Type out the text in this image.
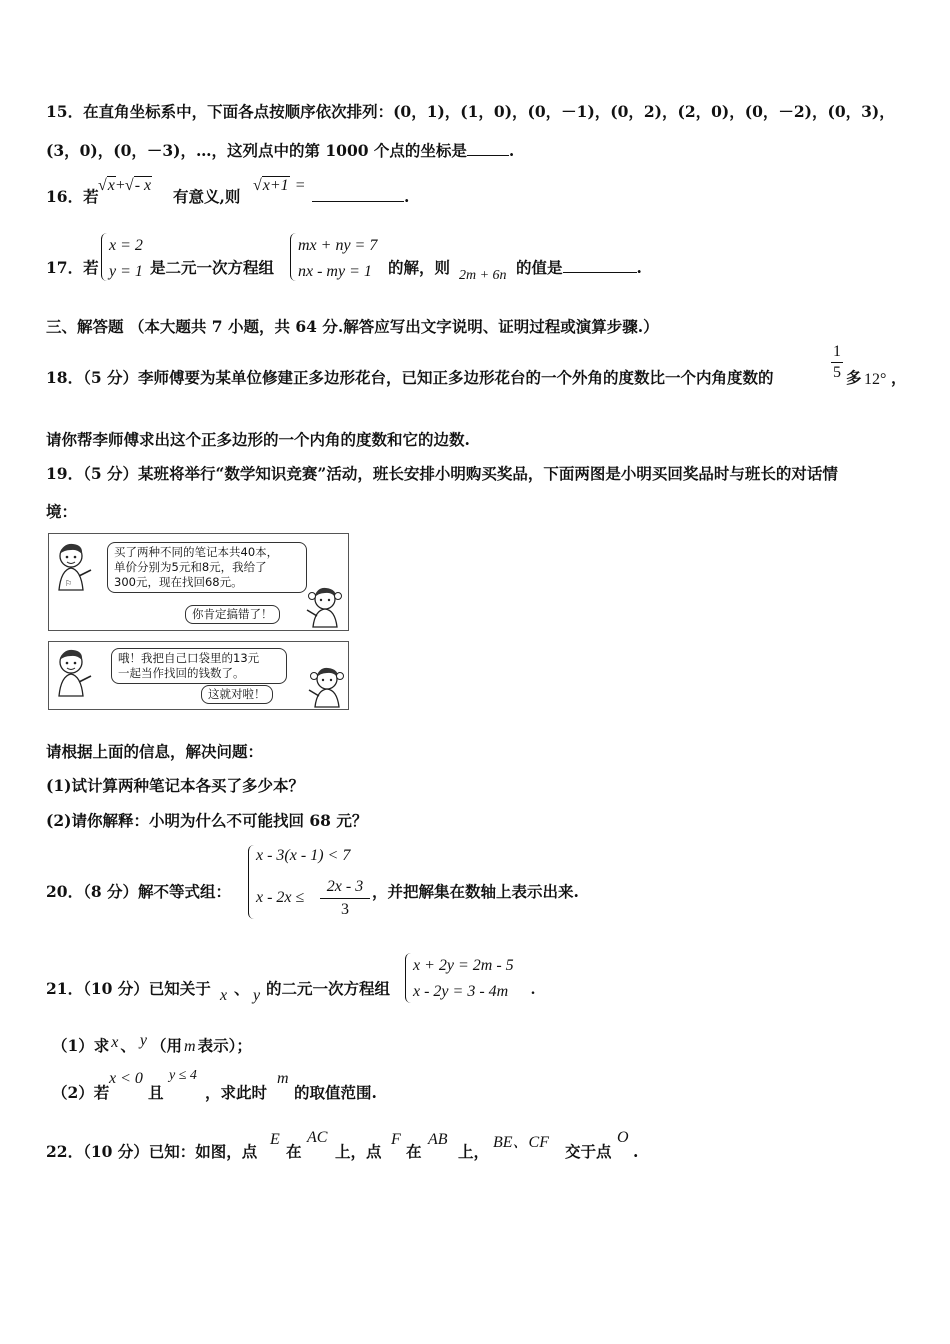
15．在直角坐标系中，下面各点按顺序依次排列：(0，1)，(1，0)，(0，－1)，(0，2)，(2，0)，(0，－2)，(0，3)，
(3，0)，(0，－3)，…，这列点中的第 1000 个点的坐标是	.
16．若
√x+√- x
有意义,则
√x+1 =
.
17．若
x = 2
y = 1 是二元一次方程组
mx + ny = 7
nx - my = 1	的解，则 2m + 6n 的值是	.
三、解答题 （本大题共 7 小题，共 64 分.解答应写出文字说明、证明过程或演算步骤.）
18．（5 分）李师傅要为某单位修建正多边形花台，已知正多边形花台的一个外角的度数比一个内角度数的	$\frac{1}{5}$ 多 12° ，
请你帮李师傅求出这个正多边形的一个内角的度数和它的边数.
19．（5 分）某班将举行“数学知识竞赛”活动，班长安排小明购买奖品，下面两图是小明买回奖品时与班长的对话情
境：
⚐
买了两种不同的笔记本共40本，
单价分别为5元和8元，我给了
300元，现在找回68元。
你肯定搞错了！
哦！我把自己口袋里的13元
一起当作找回的钱数了。
这就对啦！
请根据上面的信息，解决问题：
(1)试计算两种笔记本各买了多少本？
(2)请你解释：小明为什么不可能找回 68 元？
20．（8 分）解不等式组：
x - 3(x - 1) < 7
$x - 2x \le \frac{2x - 3}{3}$ ，并把解集在数轴上表示出来.
21．（10 分）已知关于 x 、 y 的二元一次方程组
x + 2y = 2m - 5
x - 2y = 3 - 4m	.
（1）求 x 、 y （用 m 表示）；
（2）若
x < 0
且
y ≤ 4
，求此时
m
的取值范围.
22．（10 分）已知：如图，点
E
在
AC
上，点
F
在
AB
上， BE、CF 交于点
O
.
